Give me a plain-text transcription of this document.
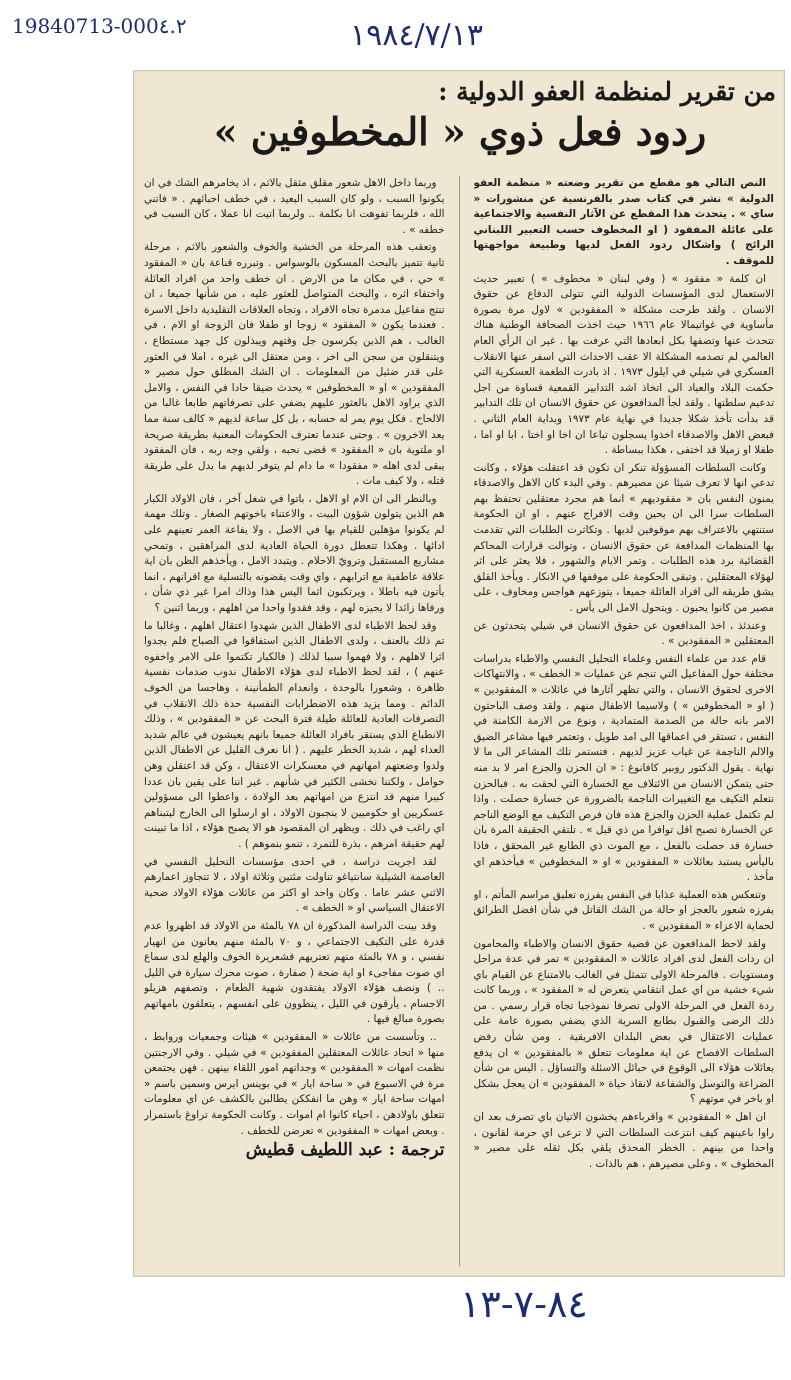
19840713-000٤.٢	١٩٨٤/٧/١٣
من تقرير لمنظمة العفو الدولية :
ردود فعل ذوي « المخطوفين »

النص التالي هو مقطع من تقرير وضعته « منظمة العفو الدولية » نشر في كتاب صدر بالفرنسية عن منشورات « ساي » . يتحدث هذا المقطع عن الآثار النفسية والاجتماعية على عائلة المفقود ( او المخطوف حسب التعبير اللبناني الرائج ) واشكال ردود الفعل لديها وطبيعة مواجهتها للموقف .

ان كلمة « مفقود » ( وفي لبنان « مخطوف » ) تعبير حديث الاستعمال لدى المؤسسات الدولية التي تتولى الدفاع عن حقوق الانسان . ولقد طرحت مشكلة « المفقودين » لاول مرة بصورة مأساوية في غواتيمالا عام ١٩٦٦ حيث اخذت الصحافة الوطنية هناك تتحدث عنها وتصفها بكل ابعادها التي عرفت بها . غير ان الرأي العام العالمي لم تصدمه المشكلة الا عقب الاحداث التي اسفر عنها الانقلاب العسكري في شيلي في ايلول ١٩٧٣ . اذ بادرت الطغمة العسكرية التي حكمت البلاد والعباد الى اتخاذ اشد التدابير القمعية قساوة من اجل تدعيم سلطتها . ولقد لجأ المدافعون عن حقوق الانسان ان تلك التدابير قد بدأت تأخذ شكلا جديدا في نهاية عام ١٩٧٣ وبداية العام الثاني . فبعض الاهل والاصدقاء اخذوا يسجلون تباعا ان اخا او اختا ، ابا او اما ، طفلا او زميلا قد اختفى ، هكذا ببساطة .

وكانت السلطات المسؤولة تنكر ان تكون قد اعتقلت هؤلاء ، وكانت تدعي انها لا تعرف شيئا عن مصيرهم . وفي البدء كان الاهل والاصدقاء يمنون النفس بان « مفقوديهم » انما هم مجرد معتقلين تحتفظ بهم السلطات سرا الى ان يحين وقت الافراج عنهم ، او ان الحكومة ستنتهي بالاعتراف بهم موقوفين لديها . وتكاثرت الطلبات التي تقدمت بها المنظمات المدافعة عن حقوق الانسان ، وتوالت قرارات المحاكم القضائية برد هذه الطلبات . وتمر الايام والشهور ، فلا يعثر على اثر لهؤلاء المعتقلين . وتبقى الحكومة على موقفها في الانكار . ويأخذ القلق يشق طريقه الى افراد العائلة جميعا ، يتوزعهم هواجس ومخاوف ، على مصير من كانوا يحبون . ويتحول الامل الى يأس .

وعندئذ ، اخذ المدافعون عن حقوق الانسان في شيلي يتحدثون عن المعتقلين « المفقودين » .

قام عدد من علماء النفس وعلماء التحليل النفسي والاطباء بدراسات مختلفة حول المفاعيل التي تنجم عن عمليات « الخطف » ، والانتهاكات الاخرى لحقوق الانسان ، والتي تظهر آثارها في عائلات « المفقودين » ( او « المخطوفين » ) ولاسيما الاطفال منهم . ولقد وصف الباحثون الامر بانه حالة من الصدمة المتمادية ، ونوع من الازمة الكامنة في النفس ، تستقر في اعماقها الى امد طويل ، وتعتمر فيها مشاعر الضيق والالم الناجمة عن غياب عزيز لديهم . فتستمر تلك المشاعر الى ما لا نهاية . يقول الدكتور روبير كافانوغ : « ان الحزن والجزع امر لا بد منه حتى يتمكن الانسان من الائتلاف مع الخسارة التي لحقت به . فبالحزن نتعلم التكيف مع التغييرات الناجمة بالضرورة عن خسارة حصلت . واذا لم تكتمل عملية الحزن والجزع هذه فان فرص التكيف مع الوضع الناجم عن الخسارة تصبح اقل توافرا من ذي قبل » . تلتقي الحقيقة المرة بان خسارة قد حصلت بالفعل ، مع الموت ذي الطابع غير المحقق ، فاذا باليأس يستبد بعائلات « المفقودين » او « المخطوفين » فيأخذهم اي مأخذ .

وتنعكس هذه العملية عذابا في النفس يفرزه تعليق مراسم المأتم ، او يفرزه شعور بالعجز او حالة من الشك القاتل في شأن افضل الطرائق لحماية الاعزاء « المفقودين » .

ولقد لاحظ المدافعون عن قضية حقوق الانسان والاطباء والمحامون ان ردات الفعل لدى افراد عائلات « المفقودين » تمر في عدة مراحل ومستويات . فالمرحلة الاولى تتمثل في الغالب بالامتناع عن القيام باي شيء خشية من اي عمل انتقامي يتعرض له « المفقود » ، وربما كانت ردة الفعل في المرحلة الاولى تصرفا نموذجيا تجاه قرار رسمي . من ذلك الرضى والقبول بطابع السرية الذي يضفي بصورة عامة على عمليات الاعتقال في بعض البلدان الافريقية . ومن شأن رفض السلطات الافصاح عن اية معلومات تتعلق « بالمفقودين » ان يدفع بعائلات هؤلاء الى الوقوع في حبائل الاسئلة والتساؤل . اليس من شأن الضراعة والتوسل والشفاعة لانقاذ حياة « المفقودين » ان يعجل بشكل او باخر في موتهم ؟

ان اهل « المفقودين » واقرباءهم يخشون الاتيان باي تصرف بعد ان راوا باعينهم كيف انتزعت السلطات التي لا ترعى اي حرمة لقانون ، واحدا من بينهم . الخطر المحدق يلقي بكل ثقله على مصير « المخطوف » ، وعلى مصيرهم ، هم بالذات .

وربما داخل الاهل شعور مقلق مثقل بالاثم ، اذ يخامرهم الشك في ان يكونوا السبب ، ولو كان السبب البعيد ، في خطف احبائهم . « فاتني الله ، فلربما تفوهت انا بكلمة .. ولربما اتيت انا عملا ، كان السبب في خطفه » .

وتعقب هذه المرحلة من الخشية والخوف والشعور بالاثم ، مرحلة ثانية تتميز بالبحث المسكون بالوسواس . وتبرره قناعة بان « المفقود » حي ، في مكان ما من الارض . ان خطف واحد من افراد العائلة واختفاء اثره ، والبحث المتواصل للعثور عليه ، من شأنها جميعا ، ان تنتج مفاعيل مدمرة تجاه الافراد ، وتجاه العلاقات التقليدية داخل الاسرة . فعندما يكون « المفقود » زوجا او طفلا فان الزوجة او الام ، في الغالب ، هم الذين يكرسون جل وقتهم ويبذلون كل جهد مستطاع ، ويتنقلون من سجن الى اخر ، ومن معتقل الى غيره ، املا في العثور على قدر ضئيل من المعلومات . ان الشك المطلق حول مصير « المفقودين » او « المخطوفين » يحدث ضيقا حادا في النفس ، والامل الذي يراود الاهل بالعثور عليهم يضفي على تصرفاتهم طابعا غالبا من الالحاح . فكل يوم يمر له حسابه ، بل كل ساعة لديهم « كالف سنة مما يعد الاخرون » . وحتى عندما تعترف الحكومات المعنية بطريقة صريحة او ملتوية بان « المفقود » قضى نحبه ، ولقي وجه ربه ، فان المفقود يبقى لدى اهله « مفقودا » ما دام لم يتوفر لديهم ما يدل على طريقة قتله ، ولا كيف مات .

وبالنظر الى ان الام او الاهل ، باتوا في شغل آخر ، فان الاولاد الكبار هم الذين يتولون شؤون البيت ، والاعتناء باخوتهم الصغار . وتلك مهمة لم يكونوا مؤهلين للقيام بها في الاصل ، ولا يفاعة العمر تعينهم على ادائها . وهكذا تتعطل دورة الحياة العادية لدى المراهقين ، وتمحي مشاريع المستقبل وترويّ الاحلام . ويتبدد الامل ، ويأخذهم الظن بان اية علاقة عاطفية مع اترابهم ، واي وقت يقضونه بالتسلية مع اقرانهم ، انما يأتون فيه باطلا ، ويرتكبون اثما اليس هذا وذاك امرا غير ذي شأن ، ورفاها زائدا لا يجيزه لهم ، وقد فقدوا واحدا من اهلهم ، وربما اثنين ؟

وقد لحظ الاطباء لدى الاطفال الذين شهدوا اعتقال اهلهم ، وغالبا ما تم ذلك بالعنف ، ولدى الاطفال الذين استفاقوا في الصباح فلم يجدوا اثرا لاهلهم ، ولا فهموا سببا لذلك ( فالكبار تكتموا على الامر واخفوه عنهم ) ، لقد لحظ الاطباء لدى هؤلاء الاطفال ندوب صدمات نفسية ظاهرة ، وشعورا بالوحدة ، وانعدام الطمأنينة ، وهاجسا من الخوف الدائم . ومما يزيد هذه الاضطرابات النفسية حدة ذلك الانقلاب في التصرفات العادية للعائلة طيلة فترة البحث عن « المفقودين » ، وذلك الانطباع الذي يستقر بافراد العائلة جميعا بانهم يعيشون في عالم شديد العداء لهم ، شديد الخطر عليهم . ( انا نعرف القليل عن الاطفال الذين ولدوا وضعتهم امهاتهم في معسكرات الاعتقال ، وكن قد اعتقلن وهن حوامل ، ولكننا نخشى الكثير في شأنهم . غير اننا على يقين بان عددا كبيرا منهم قد انتزع من امهاتهم بعد الولادة ، واعطوا الى مسؤولين عسكريين او حكوميين لا ينجبون الاولاد ، او ارسلوا الى الخارج ليتبناهم اي راغب في ذلك . ويظهر ان المقصود هو الا يصبح هؤلاء ، اذا ما تبينت لهم حقيقة امرهم ، بذرة للتمرد ، تنمو بنموهم ) .

لقد اجريت دراسة ، في احدى مؤسسات التحليل النفسي في العاصمة الشيلية سانتياغو تناولت مئتين وثلاثة اولاد ، لا تتجاوز اعمارهم الاثني عشر عاما . وكان واحد او اكثر من عائلات هؤلاء الاولاد ضحية الاعتقال السياسي او « الخطف » .

وقد بينت الدراسة المذكورة ان ٧٨ بالمئة من الاولاد قد اظهروا عدم قدرة على التكيف الاجتماعي ، و ٧٠ بالمئة منهم يعانون من انهيار نفسي ، و ٧٨ بالمئة منهم تعتريهم قشعريرة الخوف والهلع لدى سماع اي صوت مفاجىء او اية ضجة ( صفارة ، صوت محرك سيارة في الليل .. ) ونصف هؤلاء الاولاد يفتقدون شهية الطعام ، وتصفهم هزيلو الاجسام ، يأرقون في الليل ، ينطوون على انفسهم ، يتعلقون بامهاتهم بصورة مبالغ فيها .

.. وتأسست من عائلات « المفقودين » هيئات وجمعيات وروابط ، منها « اتحاد عائلات المعتقلين المفقودين » في شيلي . وفي الارجنتين نظمت امهات « المفقودين » وجداتهم امور اللقاء بينهن . فهن يجتمعن مرة في الاسبوع في « ساحة ايار » في بوينس ايرس وسمين باسم « امهات ساحة ايار » وهن ما انفككن يطالبن بالكشف عن اي معلومات تتعلق باولادهن ، احياء كانوا ام اموات . وكانت الحكومة تراوغ باستمرار . وبعض امهات « المفقودين » تعرضن للخطف .

ترجمة : عبد اللطيف قطيش
٨٤-٧-١٣
